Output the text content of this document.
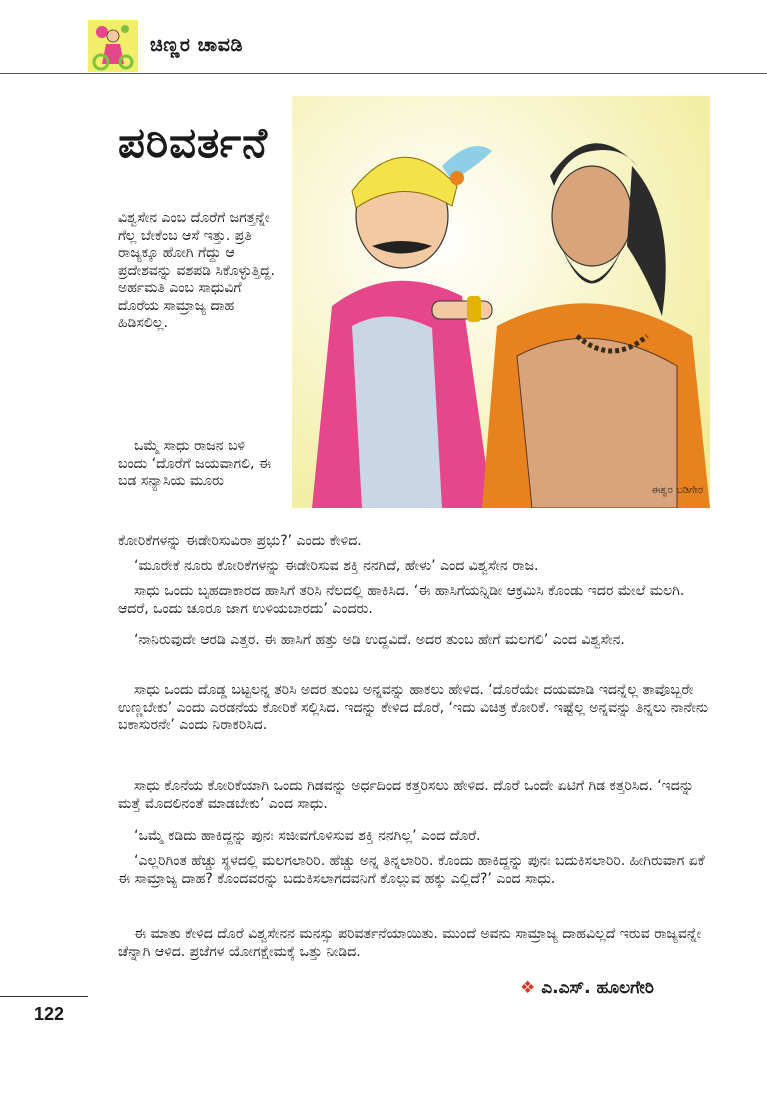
ಚಿಣ್ಣರ ಚಾವಡಿ
ಈಶ್ವರ ಬಡಿಗೇರ
ಪರಿವರ್ತನೆ

ವಿಶ್ವಸೇನ ಎಂಬ ದೊರೆಗೆ ಜಗತ್ತನ್ನೇ ಗೆಲ್ಲ ಬೇಕೆಂಬ ಆಸೆ ಇತ್ತು. ಪ್ರತಿ ರಾಜ್ಯಕ್ಕೂ ಹೋಗಿ ಗೆದ್ದು ಆ ಪ್ರದೇಶವನ್ನು ವಶಪಡಿ ಸಿಕೊಳ್ಳುತ್ತಿದ್ದ. ಅರ್ಹಮತಿ ಎಂಬ ಸಾಧುವಿಗೆ ದೊರೆಯ ಸಾಮ್ರಾಜ್ಯ ದಾಹ ಹಿಡಿಸಲಿಲ್ಲ.

ಒಮ್ಮೆ ಸಾಧು ರಾಜನ ಬಳಿ ಬಂದು ‘ದೊರೆಗೆ ಜಯವಾಗಲಿ, ಈ ಬಡ ಸನ್ಯಾಸಿಯ ಮೂರು

ಕೋರಿಕೆಗಳನ್ನು ಈಡೇರಿಸುವಿರಾ ಪ್ರಭು?’ ಎಂದು ಕೇಳಿದ.

‘ಮೂರೇಕೆ ನೂರು ಕೋರಿಕೆಗಳನ್ನು ಈಡೇರಿಸುವ ಶಕ್ತಿ ನನಗಿದೆ, ಹೇಳು’ ಎಂದ ವಿಶ್ವಸೇನ ರಾಜ.

ಸಾಧು ಒಂದು ಬೃಹದಾಕಾರದ ಹಾಸಿಗೆ ತರಿಸಿ ನೆಲದಲ್ಲಿ ಹಾಕಿಸಿದ. ‘ಈ ಹಾಸಿಗೆಯನ್ನಿಡೀ ಆಕ್ರಮಿಸಿ ಕೊಂಡು ಇದರ ಮೇಲೆ ಮಲಗಿ. ಆದರೆ, ಒಂದು ಚೂರೂ ಜಾಗ ಉಳಿಯಬಾರದು’ ಎಂದರು.

‘ನಾನಿರುವುದೇ ಆರಡಿ ಎತ್ತರ. ಈ ಹಾಸಿಗೆ ಹತ್ತು ಅಡಿ ಉದ್ದವಿದೆ. ಅದರ ತುಂಬ ಹೇಗೆ ಮಲಗಲಿ’ ಎಂದ ವಿಶ್ವಸೇನ.

ಸಾಧು ಒಂದು ದೊಡ್ಡ ಬಟ್ಟಲನ್ನ ತರಿಸಿ ಅದರ ತುಂಬ ಅನ್ನವನ್ನು ಹಾಕಲು ಹೇಳಿದ. ‘ದೊರೆಯೇ ದಯಮಾಡಿ ಇದನ್ನೆಲ್ಲ ತಾವೊಬ್ಬರೇ ಉಣ್ಣಬೇಕು’ ಎಂದು ಎರಡನೆಯ ಕೋರಿಕೆ ಸಲ್ಲಿಸಿದ. ಇದನ್ನು ಕೇಳಿದ ದೊರೆ, ‘ಇದು ವಿಚಿತ್ರ ಕೋರಿಕೆ. ಇಷ್ಟೆಲ್ಲ ಅನ್ನವನ್ನು ತಿನ್ನಲು ನಾನೇನು ಬಕಾಸುರನೇ’ ಎಂದು ನಿರಾಕರಿಸಿದ.

ಸಾಧು ಕೊನೆಯ ಕೋರಿಕೆಯಾಗಿ ಒಂದು ಗಿಡವನ್ನು ಅರ್ಧದಿಂದ ಕತ್ತರಿಸಲು ಹೇಳಿದ. ದೊರೆ ಒಂದೇ ಏಟಿಗೆ ಗಿಡ ಕತ್ತರಿಸಿದ. ‘ಇದನ್ನು ಮತ್ತೆ ಮೊದಲಿನಂತೆ ಮಾಡಬೇಕು’ ಎಂದ ಸಾಧು.

‘ಒಮ್ಮೆ ಕಡಿದು ಹಾಕಿದ್ದನ್ನು ಪುನಃ ಸಜೀವಗೊಳಿಸುವ ಶಕ್ತಿ ನನಗಿಲ್ಲ’ ಎಂದ ದೊರೆ.

‘ಎಲ್ಲರಿಗಿಂತ ಹೆಚ್ಚು ಸ್ಥಳದಲ್ಲಿ ಮಲಗಲಾರಿರಿ. ಹೆಚ್ಚು ಅನ್ನ ತಿನ್ನಲಾರಿರಿ. ಕೊಂದು ಹಾಕಿದ್ದನ್ನು ಪುನಃ ಬದುಕಿಸಲಾರಿರಿ. ಹೀಗಿರುವಾಗ ಏಕೆ ಈ ಸಾಮ್ರಾಜ್ಯ ದಾಹ? ಕೊಂದವರನ್ನು ಬದುಕಿಸಲಾಗದವನಿಗೆ ಕೊಲ್ಲುವ ಹಕ್ಕು ಎಲ್ಲಿದೆ?’ ಎಂದ ಸಾಧು.

ಈ ಮಾತು ಕೇಳಿದ ದೊರೆ ವಿಶ್ವಸೇನನ ಮನಸ್ಸು ಪರಿವರ್ತನೆಯಾಯಿತು. ಮುಂದೆ ಅವನು ಸಾಮ್ರಾಜ್ಯ ದಾಹವಿಲ್ಲದೆ ಇರುವ ರಾಜ್ಯವನ್ನೇ ಚೆನ್ನಾಗಿ ಆಳಿದ. ಪ್ರಜೆಗಳ ಯೋಗಕ್ಷೇಮಕ್ಕೆ ಒತ್ತು ನೀಡಿದ.

❖ ಎ.ಎಸ್. ಹೂಲಗೇರಿ

122
